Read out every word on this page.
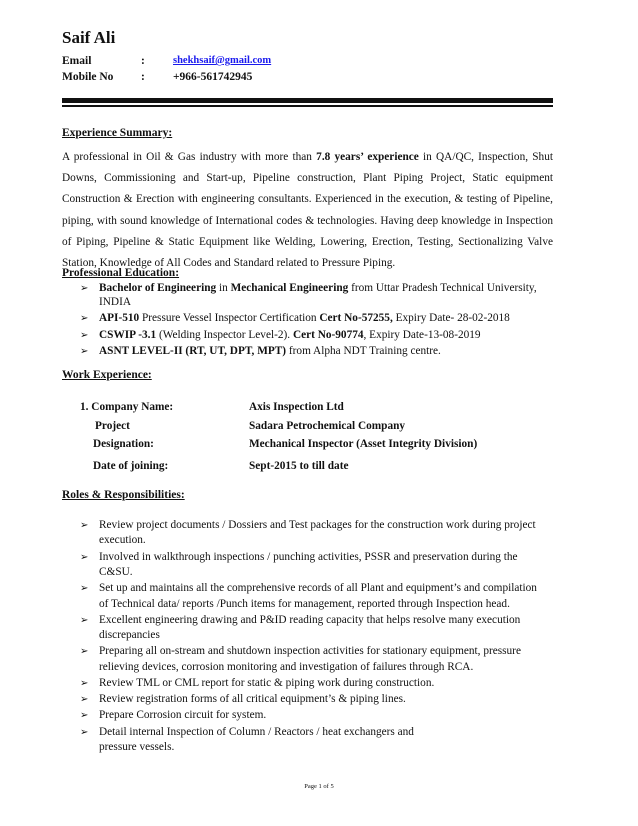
Saif Ali
Email	:	shekhsaif@gmail.com
Mobile No : +966-561742945
Experience Summary:

A professional in Oil & Gas industry with more than 7.8 years’ experience in QA/QC, Inspection, Shut Downs, Commissioning and Start-up, Pipeline construction, Plant Piping Project, Static equipment Construction & Erection with engineering consultants. Experienced in the execution, & testing of Pipeline, piping, with sound knowledge of International codes & technologies. Having deep knowledge in Inspection of Piping, Pipeline & Static Equipment like Welding, Lowering, Erection, Testing, Sectionalizing Valve Station, Knowledge of All Codes and Standard related to Pressure Piping.

Professional Education:
➢ Bachelor of Engineering in Mechanical Engineering from Uttar Pradesh Technical University, INDIA
➢ API-510 Pressure Vessel Inspector Certification Cert No-57255, Expiry Date- 28-02-2018
➢ CSWIP -3.1 (Welding Inspector Level-2). Cert No-90774, Expiry Date-13-08-2019
➢ ASNT LEVEL-II (RT, UT, DPT, MPT) from Alpha NDT Training centre.
Work Experience:
1. Company Name:	Axis Inspection Ltd
Project	Sadara Petrochemical Company
Designation:	Mechanical Inspector (Asset Integrity Division)
Date of joining:	Sept-2015 to till date
Roles & Responsibilities:
➢ Review project documents / Dossiers and Test packages for the construction work during project execution.
➢ Involved in walkthrough inspections / punching activities, PSSR and preservation during the C&SU.
➢ Set up and maintains all the comprehensive records of all Plant and equipment’s and compilation of Technical data/ reports /Punch items for management, reported through Inspection head.
➢ Excellent engineering drawing and P&ID reading capacity that helps resolve many execution discrepancies
➢ Preparing all on-stream and shutdown inspection activities for stationary equipment, pressure relieving devices, corrosion monitoring and investigation of failures through RCA.
➢ Review TML or CML report for static & piping work during construction.
➢ Review registration forms of all critical equipment’s & piping lines.
➢ Prepare Corrosion circuit for system.
➢ Detail internal Inspection of Column / Reactors / heat exchangers and pressure vessels.
Page 1 of 5
